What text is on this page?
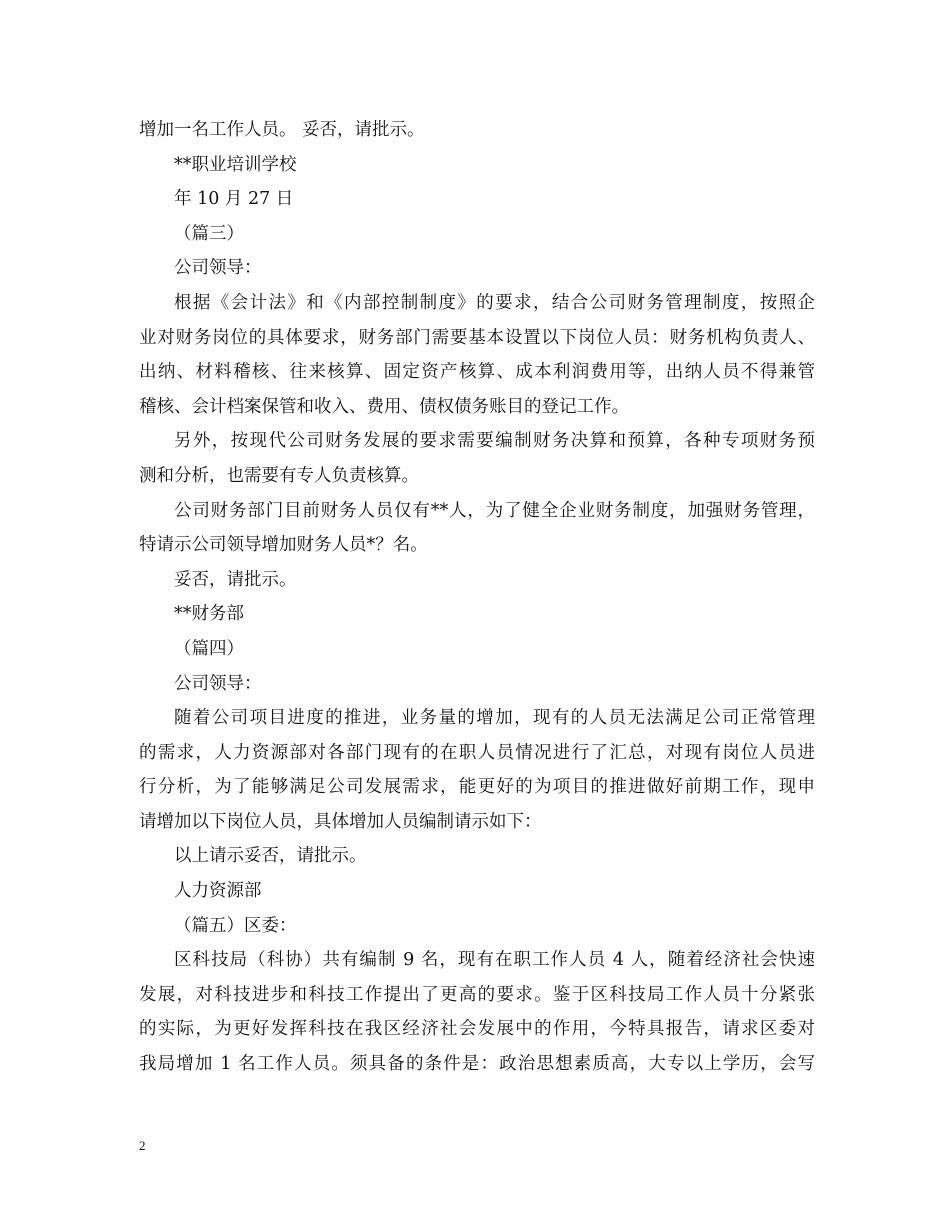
增加一名工作人员。 妥否，请批示。
**职业培训学校
年 10 月 27 日
（篇三）
公司领导：
根据《会计法》和《内部控制制度》的要求，结合公司财务管理制度，按照企
业对财务岗位的具体要求，财务部门需要基本设置以下岗位人员：财务机构负责人、
出纳、材料稽核、往来核算、固定资产核算、成本利润费用等，出纳人员不得兼管
稽核、会计档案保管和收入、费用、债权债务账目的登记工作。
另外，按现代公司财务发展的要求需要编制财务决算和预算，各种专项财务预
测和分析，也需要有专人负责核算。
公司财务部门目前财务人员仅有**人，为了健全企业财务制度，加强财务管理，
特请示公司领导增加财务人员*？名。
妥否，请批示。
**财务部
（篇四）
公司领导：
随着公司项目进度的推进，业务量的增加，现有的人员无法满足公司正常管理
的需求，人力资源部对各部门现有的在职人员情况进行了汇总，对现有岗位人员进
行分析，为了能够满足公司发展需求，能更好的为项目的推进做好前期工作，现申
请增加以下岗位人员，具体增加人员编制请示如下：
以上请示妥否，请批示。
人力资源部
（篇五）区委：
区科技局（科协）共有编制 9 名，现有在职工作人员 4 人，随着经济社会快速
发展，对科技进步和科技工作提出了更高的要求。鉴于区科技局工作人员十分紧张
的实际，为更好发挥科技在我区经济社会发展中的作用，今特具报告，请求区委对
我局增加 1 名工作人员。须具备的条件是：政治思想素质高，大专以上学历，会写
2
